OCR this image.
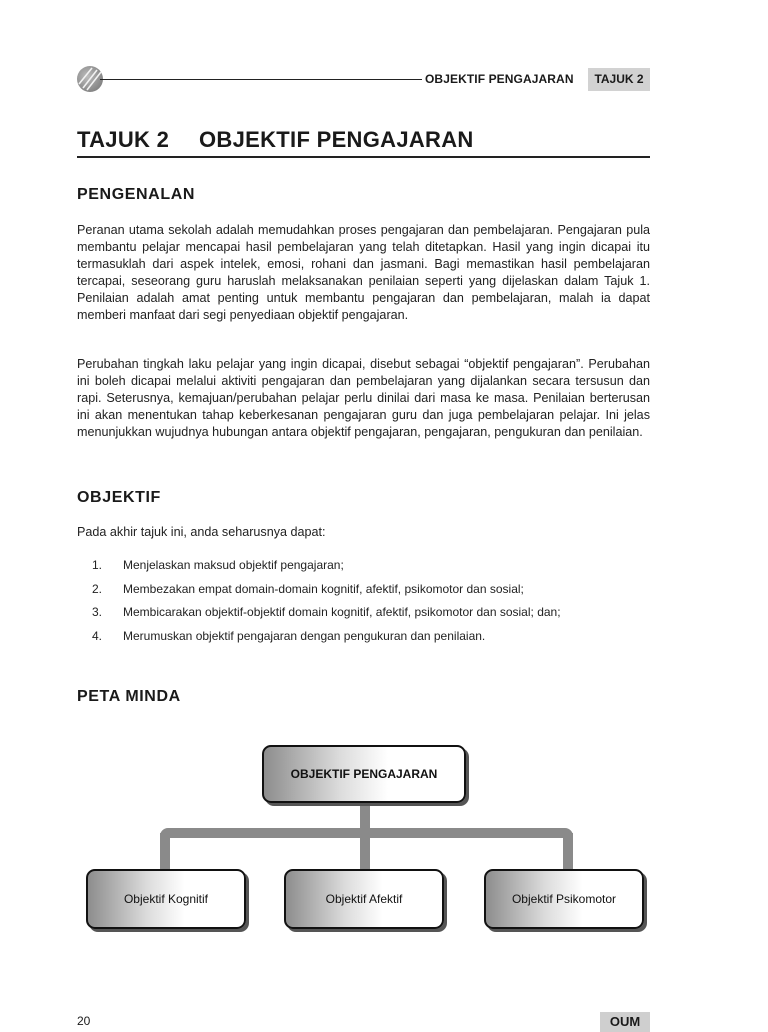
OBJEKTIF PENGAJARAN	TAJUK 2
TAJUK 2 OBJEKTIF PENGAJARAN
PENGENALAN

Peranan utama sekolah adalah memudahkan proses pengajaran dan pembelajaran. Pengajaran pula membantu pelajar mencapai hasil pembelajaran yang telah ditetapkan. Hasil yang ingin dicapai itu termasuklah dari aspek intelek, emosi, rohani dan jasmani. Bagi memastikan hasil pembelajaran tercapai, seseorang guru haruslah melaksanakan penilaian seperti yang dijelaskan dalam Tajuk 1. Penilaian adalah amat penting untuk membantu pengajaran dan pembelajaran, malah ia dapat memberi manfaat dari segi penyediaan objektif pengajaran.

Perubahan tingkah laku pelajar yang ingin dicapai, disebut sebagai “objektif pengajaran”. Perubahan ini boleh dicapai melalui aktiviti pengajaran dan pembelajaran yang dijalankan secara tersusun dan rapi. Seterusnya, kemajuan/perubahan pelajar perlu dinilai dari masa ke masa. Penilaian berterusan ini akan menentukan tahap keberkesanan pengajaran guru dan juga pembelajaran pelajar. Ini jelas menunjukkan wujudnya hubungan antara objektif pengajaran, pengajaran, pengukuran dan penilaian.

OBJEKTIF
Pada akhir tajuk ini, anda seharusnya dapat:
1. Menjelaskan maksud objektif pengajaran;
2. Membezakan empat domain-domain kognitif, afektif, psikomotor dan sosial;
3. Membicarakan objektif-objektif domain kognitif, afektif, psikomotor dan sosial; dan;
4. Merumuskan objektif pengajaran dengan pengukuran dan penilaian.
PETA MINDA
OBJEKTIF PENGAJARAN
Objektif Kognitif	Objektif Afektif	Objektif Psikomotor
20	OUM
